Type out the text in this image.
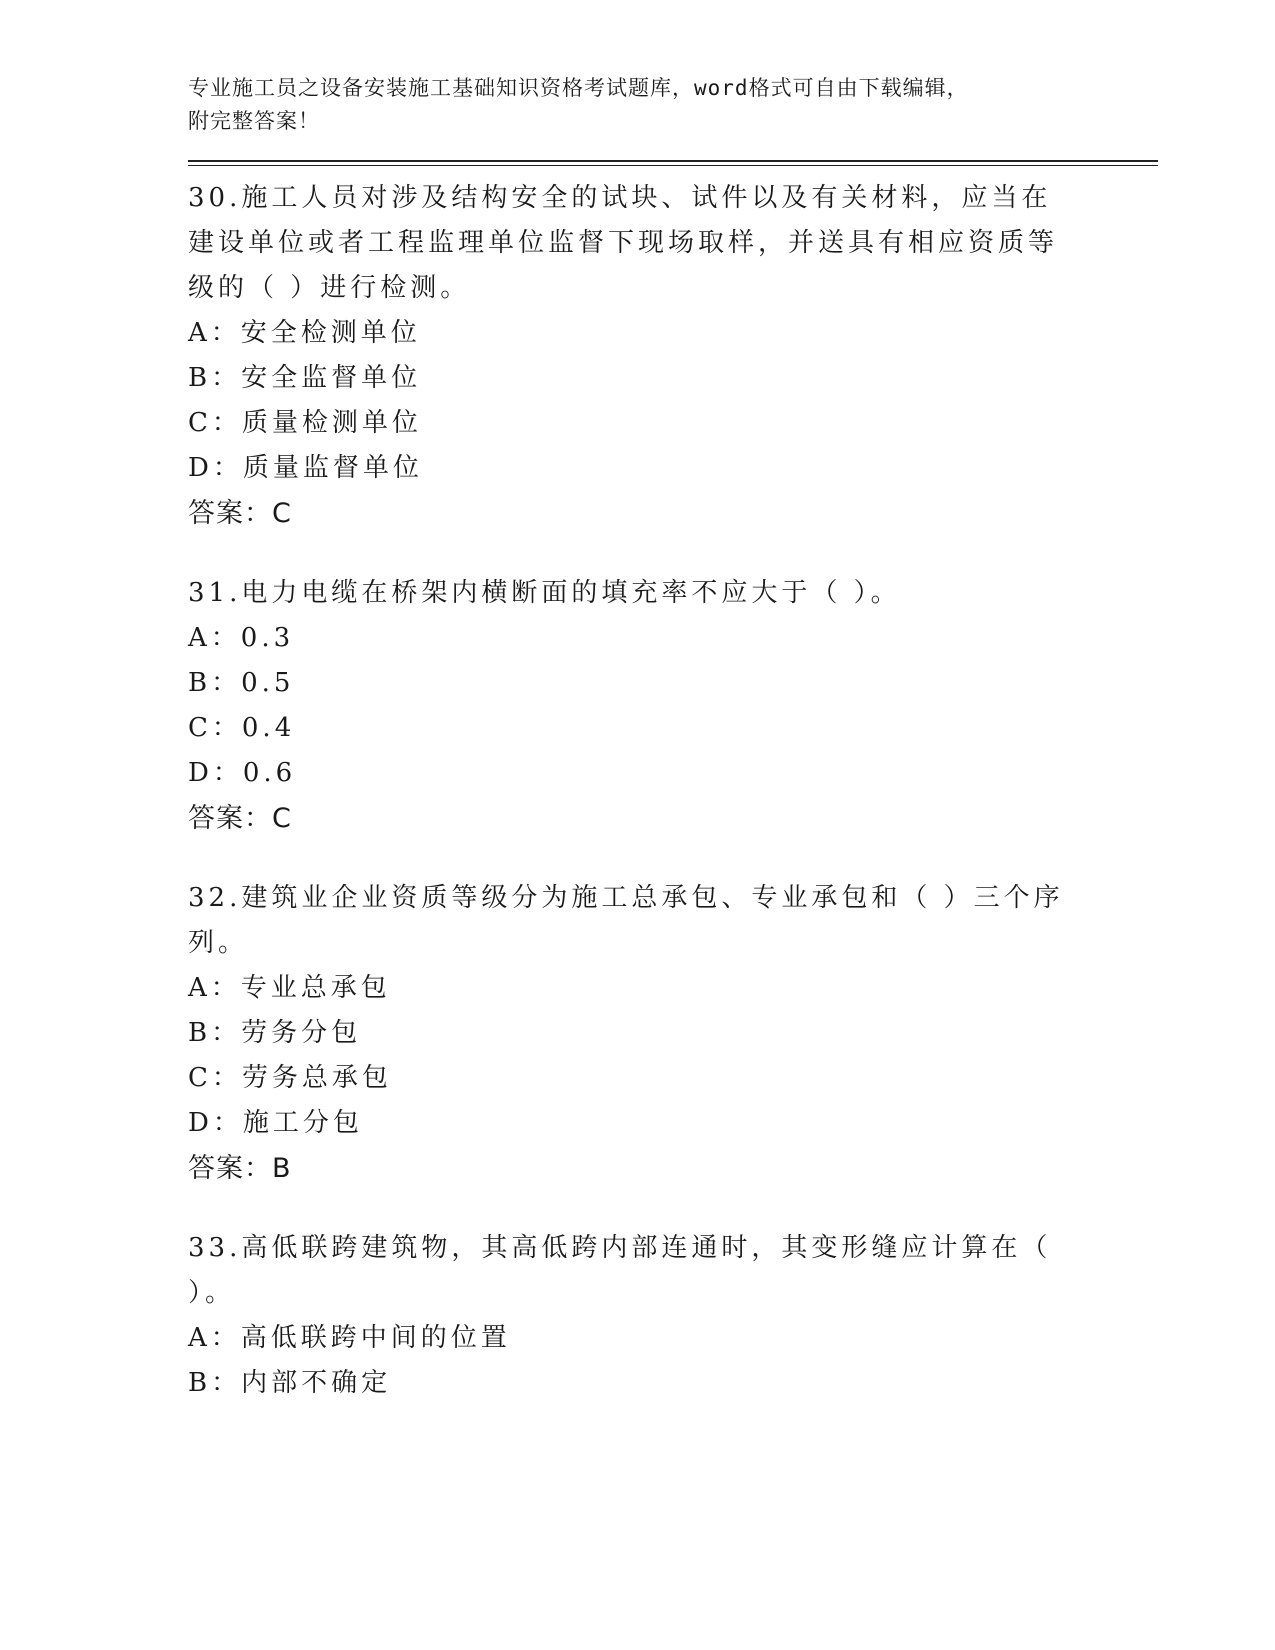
专业施工员之设备安装施工基础知识资格考试题库，word格式可自由下载编辑，

附完整答案！

30.施工人员对涉及结构安全的试块、试件以及有关材料，应当在建设单位或者工程监理单位监督下现场取样，并送具有相应资质等级的（ ）进行检测。

A：安全检测单位

B：安全监督单位

C：质量检测单位

D：质量监督单位

答案：C

31.电力电缆在桥架内横断面的填充率不应大于（ ）。

A：0.3

B：0.5

C：0.4

D：0.6

答案：C

32.建筑业企业资质等级分为施工总承包、专业承包和（ ）三个序列。

A：专业总承包

B：劳务分包

C：劳务总承包

D：施工分包

答案：B

33.高低联跨建筑物，其高低跨内部连通时，其变形缝应计算在（ ）。

A：高低联跨中间的位置

B：内部不确定
